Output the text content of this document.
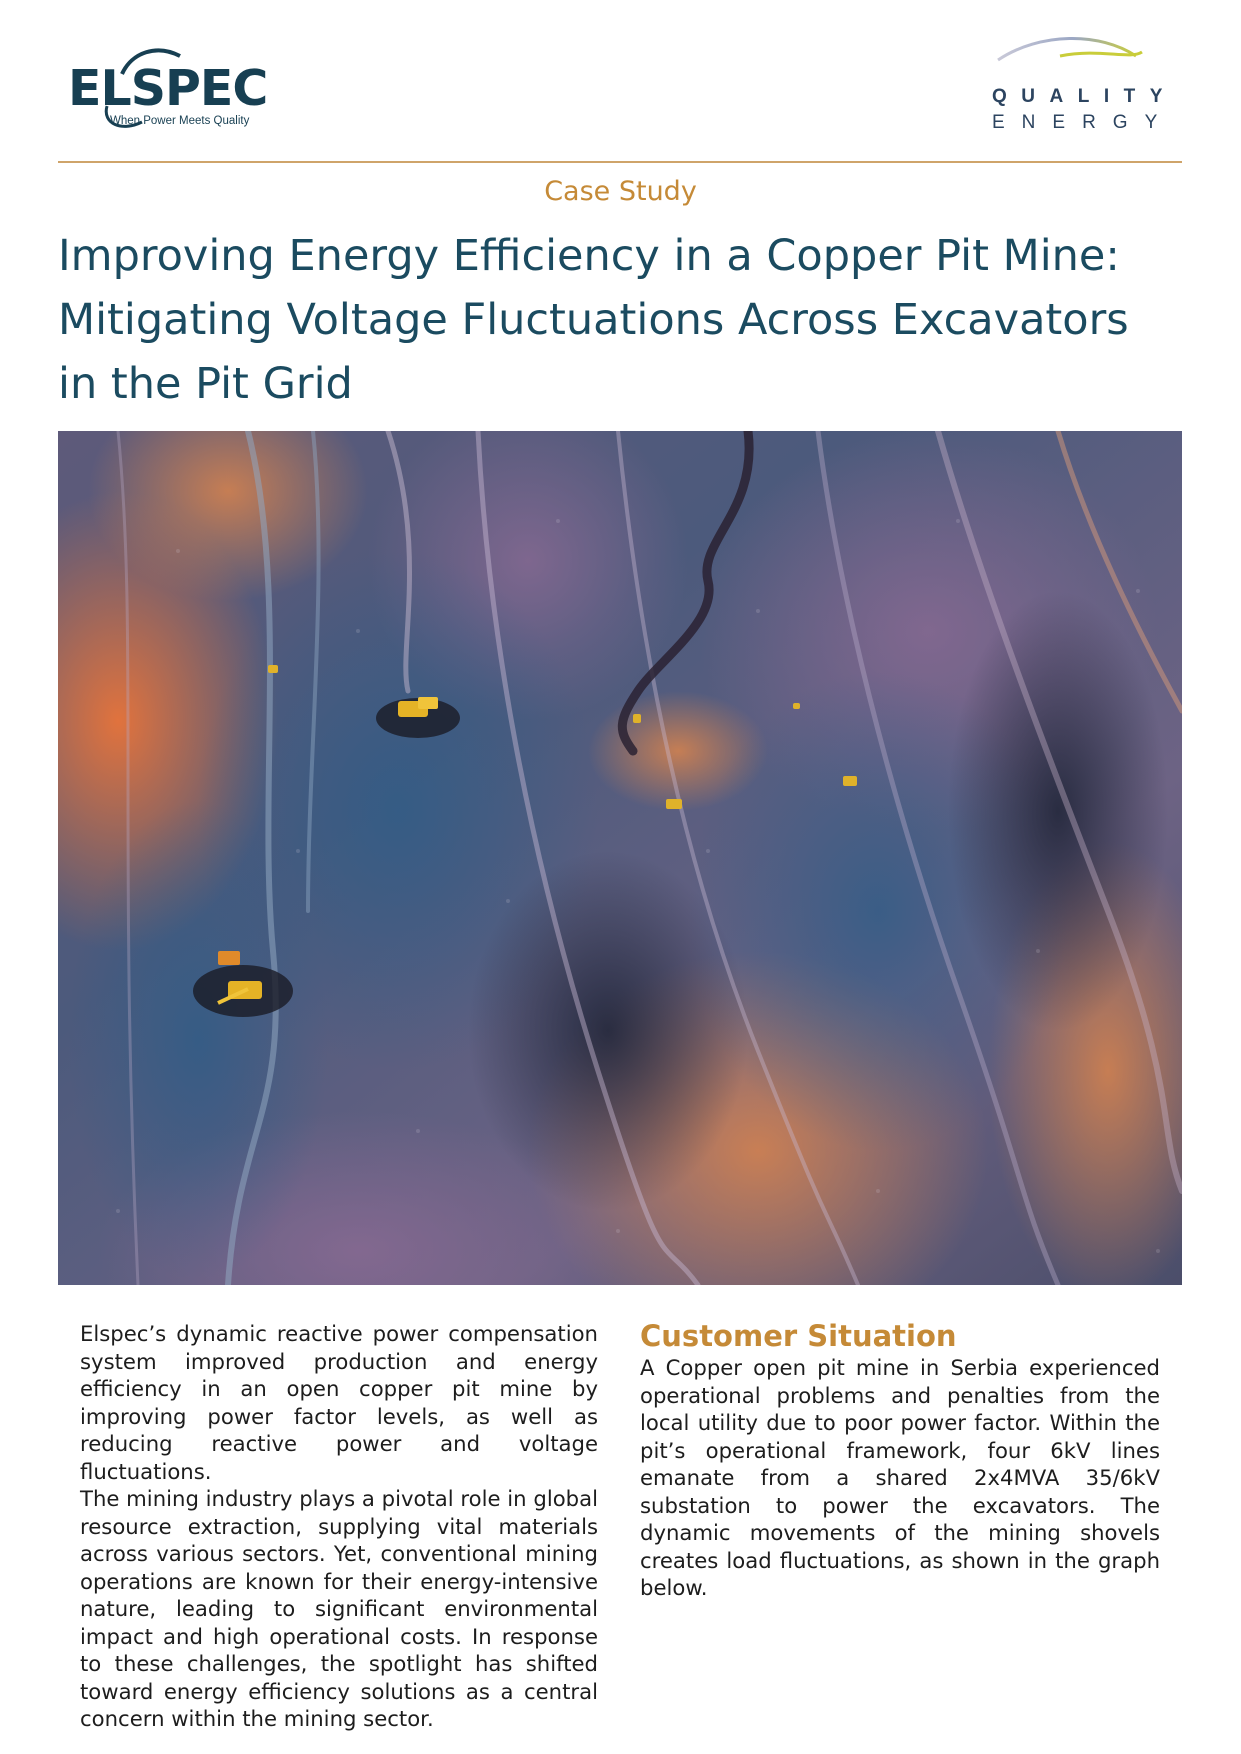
ELSPEC
When Power Meets Quality
QUALITY
ENERGY
Case Study
Improving Energy Efficiency in a Copper Pit Mine:
Mitigating Voltage Fluctuations Across Excavators
in the Pit Grid

Elspec’s dynamic reactive power compensation system improved production and energy efficiency in an open copper pit mine by improving power factor levels, as well as reducing reactive power and voltage fluctuations.

The mining industry plays a pivotal role in global resource extraction, supplying vital materials across various sectors. Yet, conventional mining operations are known for their energy-intensive nature, leading to significant environmental impact and high operational costs. In response to these challenges, the spotlight has shifted toward energy efficiency solutions as a central concern within the mining sector.

Customer Situation

A Copper open pit mine in Serbia experienced operational problems and penalties from the local utility due to poor power factor. Within the pit’s operational framework, four 6kV lines emanate from a shared 2x4MVA 35/6kV substation to power the excavators. The dynamic movements of the mining shovels creates load fluctuations, as shown in the graph below.
